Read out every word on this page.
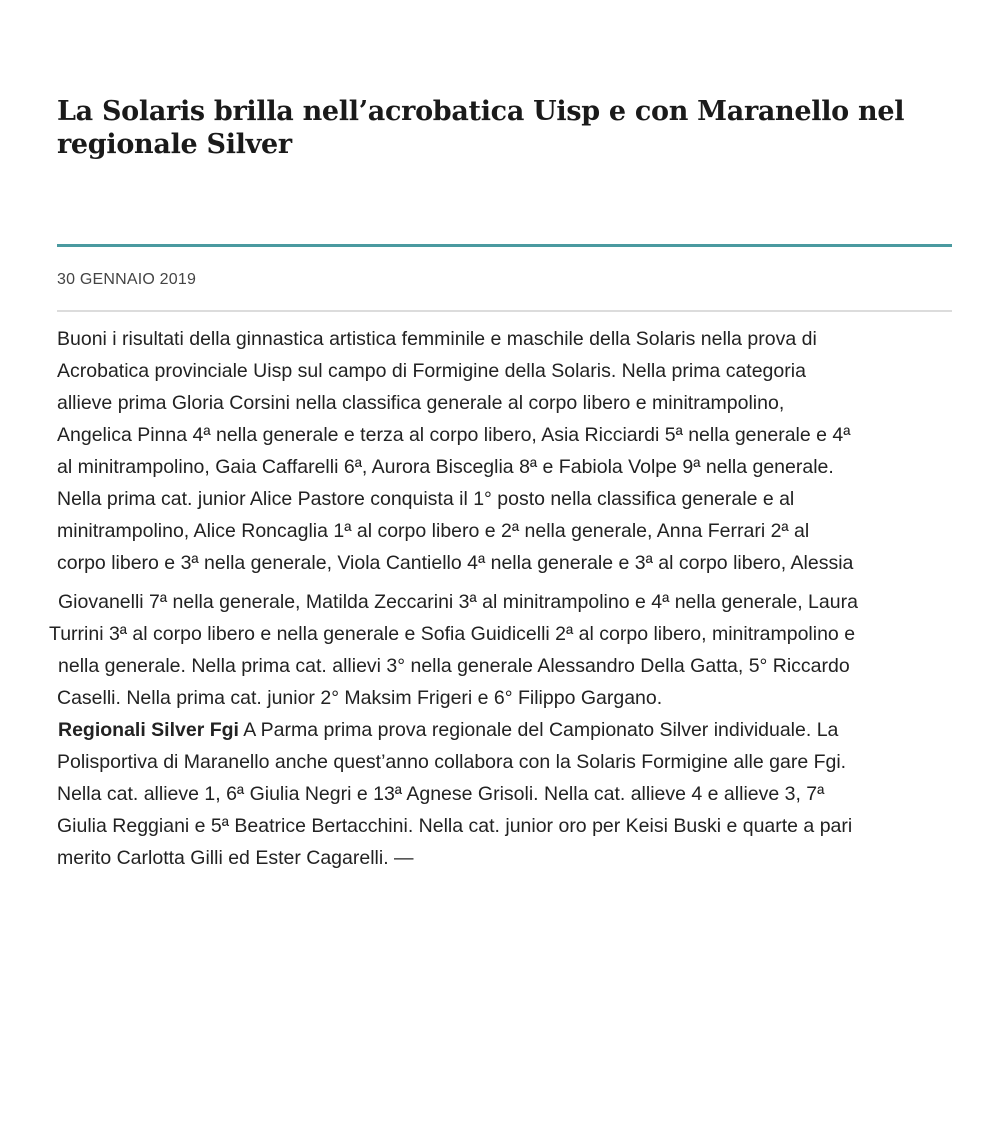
La Solaris brilla nell’acrobatica Uisp e con Maranello nel regionale Silver
30 GENNAIO 2019

Buoni i risultati della ginnastica artistica femminile e maschile della Solaris nella prova di
Acrobatica provinciale Uisp sul campo di Formigine della Solaris. Nella prima categoria
allieve prima Gloria Corsini nella classifica generale al corpo libero e minitrampolino,
Angelica Pinna 4ª nella generale e terza al corpo libero, Asia Ricciardi 5ª nella generale e 4ª
al minitrampolino, Gaia Caffarelli 6ª, Aurora Bisceglia 8ª e Fabiola Volpe 9ª nella generale.
Nella prima cat. junior Alice Pastore conquista il 1° posto nella classifica generale e al
minitrampolino, Alice Roncaglia 1ª al corpo libero e 2ª nella generale, Anna Ferrari 2ª al
corpo libero e 3ª nella generale, Viola Cantiello 4ª nella generale e 3ª al corpo libero, Alessia
Giovanelli 7ª nella generale, Matilda Zeccarini 3ª al minitrampolino e 4ª nella generale, Laura
Turrini 3ª al corpo libero e nella generale e Sofia Guidicelli 2ª al corpo libero, minitrampolino e
nella generale. Nella prima cat. allievi 3° nella generale Alessandro Della Gatta, 5° Riccardo
Caselli. Nella prima cat. junior 2° Maksim Frigeri e 6° Filippo Gargano.

Regionali Silver Fgi A Parma prima prova regionale del Campionato Silver individuale. La
Polisportiva di Maranello anche quest’anno collabora con la Solaris Formigine alle gare Fgi.
Nella cat. allieve 1, 6ª Giulia Negri e 13ª Agnese Grisoli. Nella cat. allieve 4 e allieve 3, 7ª
Giulia Reggiani e 5ª Beatrice Bertacchini. Nella cat. junior oro per Keisi Buski e quarte a pari
merito Carlotta Gilli ed Ester Cagarelli. —
